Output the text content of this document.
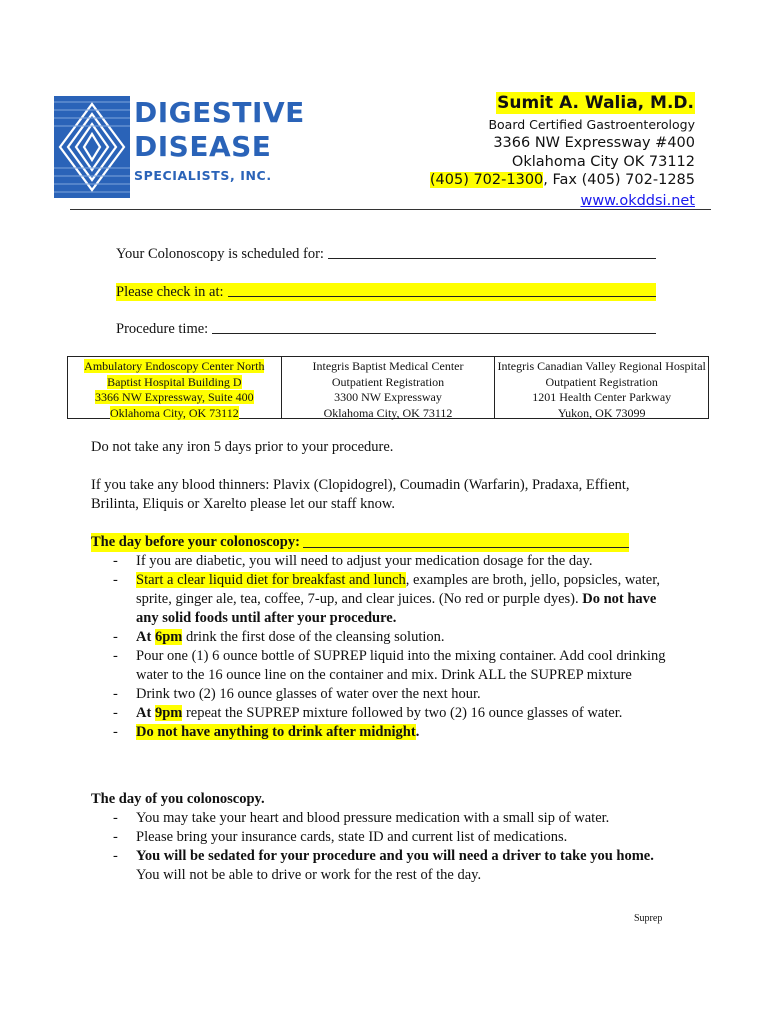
DIGESTIVE
DISEASE
SPECIALISTS, INC.
Sumit A. Walia, M.D.
Board Certified Gastroenterology
3366 NW Expressway #400
Oklahoma City OK 73112
(405) 702-1300, Fax (405) 702-1285
www.okddsi.net
Your Colonoscopy is scheduled for:
Please check in at:
Procedure time:
Ambulatory Endoscopy Center North
Baptist Hospital Building D
3366 NW Expressway, Suite 400
Oklahoma City, OK 73112
Integris Baptist Medical Center
Outpatient Registration
3300 NW Expressway
Oklahoma City, OK 73112
Integris Canadian Valley Regional Hospital
Outpatient Registration
1201 Health Center Parkway
Yukon, OK 73099
Do not take any iron 5 days prior to your procedure.
If you take any blood thinners: Plavix (Clopidogrel), Coumadin (Warfarin), Pradaxa, Effient, Brilinta, Eliquis or Xarelto please let our staff know.
The day before your colonoscopy:
- If you are diabetic, you will need to adjust your medication dosage for the day.
- Start a clear liquid diet for breakfast and lunch, examples are broth, jello, popsicles, water, sprite, ginger ale, tea, coffee, 7-up, and clear juices. (No red or purple dyes). Do not have any solid foods until after your procedure.
- At 6pm drink the first dose of the cleansing solution.
- Pour one (1) 6 ounce bottle of SUPREP liquid into the mixing container. Add cool drinking water to the 16 ounce line on the container and mix. Drink ALL the SUPREP mixture
- Drink two (2) 16 ounce glasses of water over the next hour.
- At 9pm repeat the SUPREP mixture followed by two (2) 16 ounce glasses of water.
- Do not have anything to drink after midnight.
The day of you colonoscopy.
- You may take your heart and blood pressure medication with a small sip of water.
- Please bring your insurance cards, state ID and current list of medications.
- You will be sedated for your procedure and you will need a driver to take you home. You will not be able to drive or work for the rest of the day.
Suprep
